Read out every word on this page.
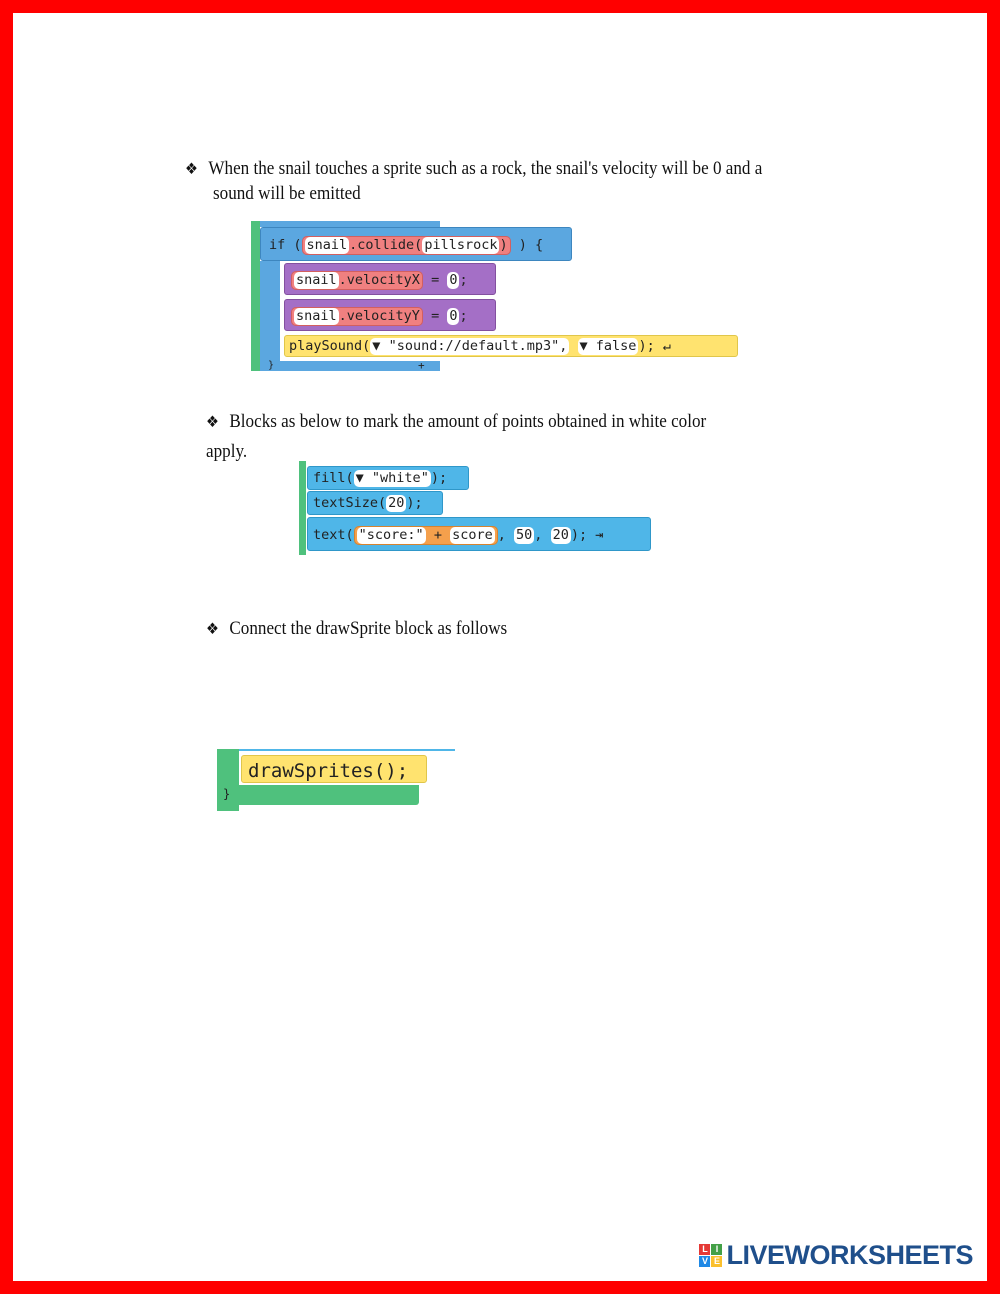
❖ When the snail touches a sprite such as a rock, the snail's velocity will be 0 and a
sound will be emitted
if ( snail .collide( pillsrock ) ) {
snail .velocityX = 0 ;
snail .velocityY = 0 ;
playSound( ▼ "sound://default.mp3", ▼ false ); ↵
}	+
❖ Blocks as below to mark the amount of points obtained in white color
apply.
fill( ▼ "white" );
textSize( 20 );
text( "score:" + score , 50 , 20 ); ⇥
❖ Connect the drawSprite block as follows
drawSprites();
}
L I
V E LIVEWORKSHEETS
